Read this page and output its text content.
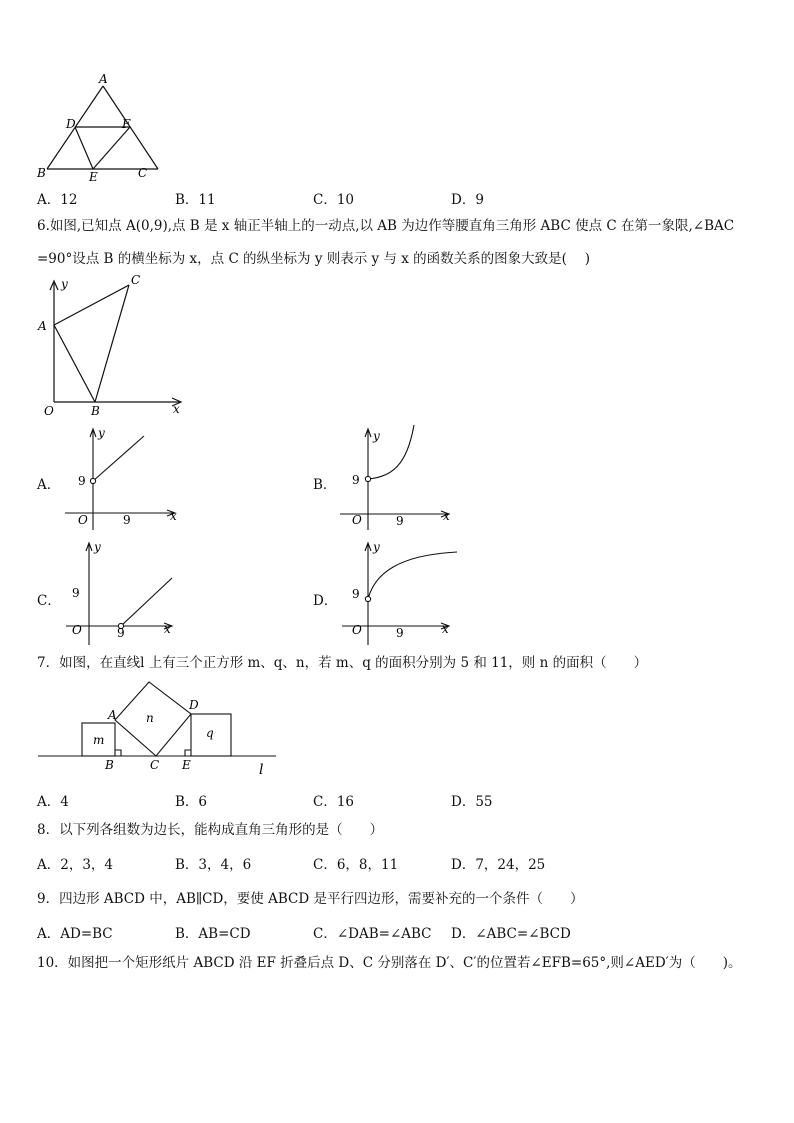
A
D	F
B	E	C
A．12	B．11	C．10	D．9
6.如图,已知点 A(0,9),点 B 是 x 轴正半轴上的一动点,以 AB 为边作等腰直角三角形 ABC 使点 C 在第一象限,∠BAC
=90°设点 B 的横坐标为 x，点 C 的纵坐标为 y 则表示 y 与 x 的函数关系的图象大致是(　 )
y
A
C
O	B	x
A．
y
9
O	9	x
B．
y
9
O	9	x
C．
y
9
O	9	x
D．
y
9
O	9	x
7．如图，在直线l 上有三个正方形 m、q、n，若 m、q 的面积分别为 5 和 11，则 n 的面积（　　）
A
D
m
n
q
B	C E	l
A．4	B．6	C．16	D．55
8．以下列各组数为边长，能构成直角三角形的是（　　）
A．2，3，4	B．3，4，6	C．6，8，11	D．7，24，25
9．四边形 ABCD 中，AB∥CD，要使 ABCD 是平行四边形，需要补充的一个条件（　　）
A．AD=BC	B．AB=CD	C．∠DAB=∠ABC D．∠ABC=∠BCD
10．如图把一个矩形纸片 ABCD 沿 EF 折叠后点 D、C 分别落在 D′、C′的位置若∠EFB=65°,则∠AED′为（　　)。
